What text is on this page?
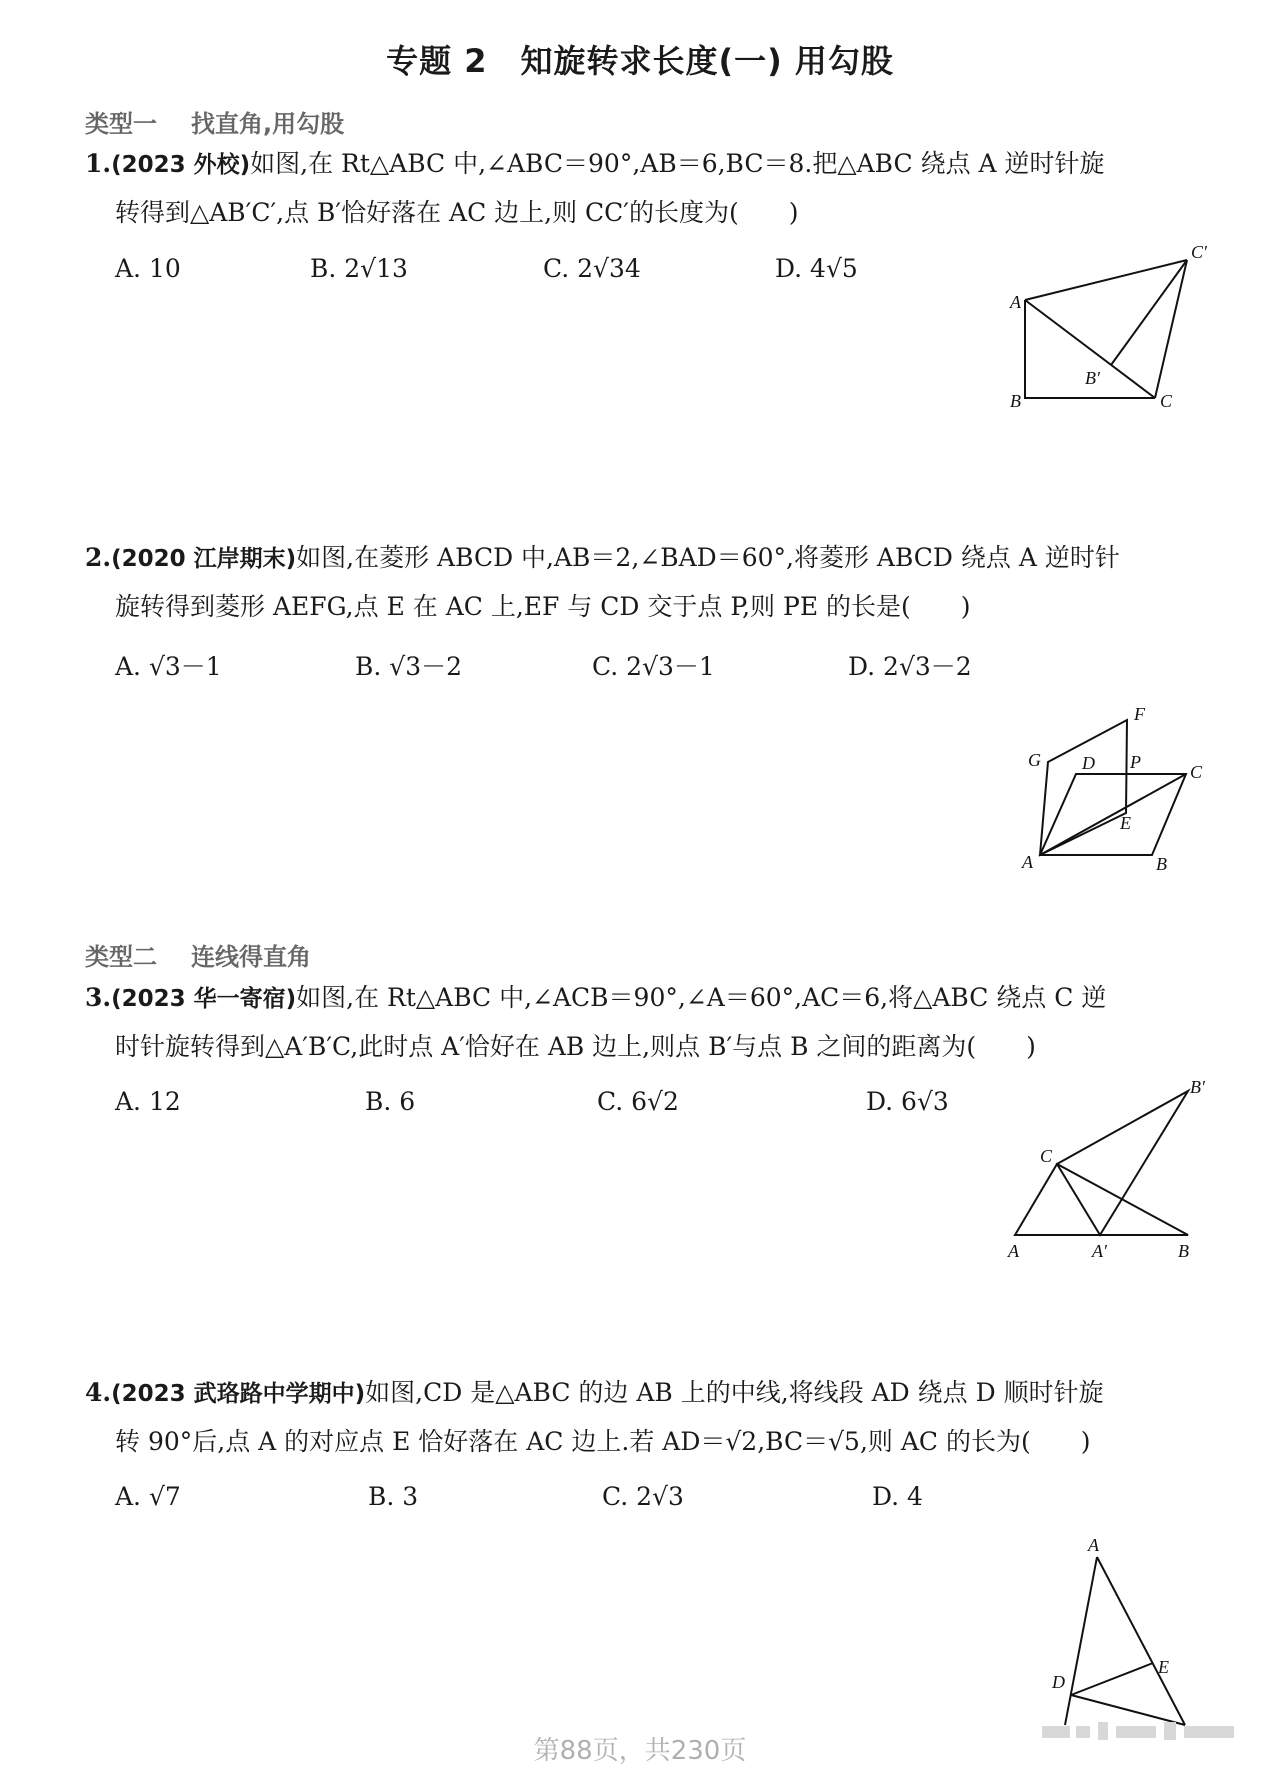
专题 2　知旋转求长度(一) 用勾股
类型一 找直角,用勾股
1.(2023 外校)如图,在 Rt△ABC 中,∠ABC＝90°,AB＝6,BC＝8.把△ABC 绕点 A 逆时针旋
转得到△AB′C′,点 B′恰好落在 AC 边上,则 CC′的长度为(　　)
A. 10	B. 2√13	C. 2√34	D. 4√5
A
B	C
B′
C′
2.(2020 江岸期末)如图,在菱形 ABCD 中,AB＝2,∠BAD＝60°,将菱形 ABCD 绕点 A 逆时针
旋转得到菱形 AEFG,点 E 在 AC 上,EF 与 CD 交于点 P,则 PE 的长是(　　)
A. √3－1	B. √3－2	C. 2√3－1	D. 2√3－2
A	B
C
D
E
F
G	P
类型二 连线得直角
3.(2023 华一寄宿)如图,在 Rt△ABC 中,∠ACB＝90°,∠A＝60°,AC＝6,将△ABC 绕点 C 逆
时针旋转得到△A′B′C,此时点 A′恰好在 AB 边上,则点 B′与点 B 之间的距离为(　　)
A. 12	B. 6	C. 6√2	D. 6√3
A	B
C
A′
B′
4.(2023 武珞路中学期中)如图,CD 是△ABC 的边 AB 上的中线,将线段 AD 绕点 D 顺时针旋
转 90°后,点 A 的对应点 E 恰好落在 AC 边上.若 AD＝√2,BC＝√5,则 AC 的长为(　　)
A. √7	B. 3	C. 2√3	D. 4
A
D
E
第88页，共230页
